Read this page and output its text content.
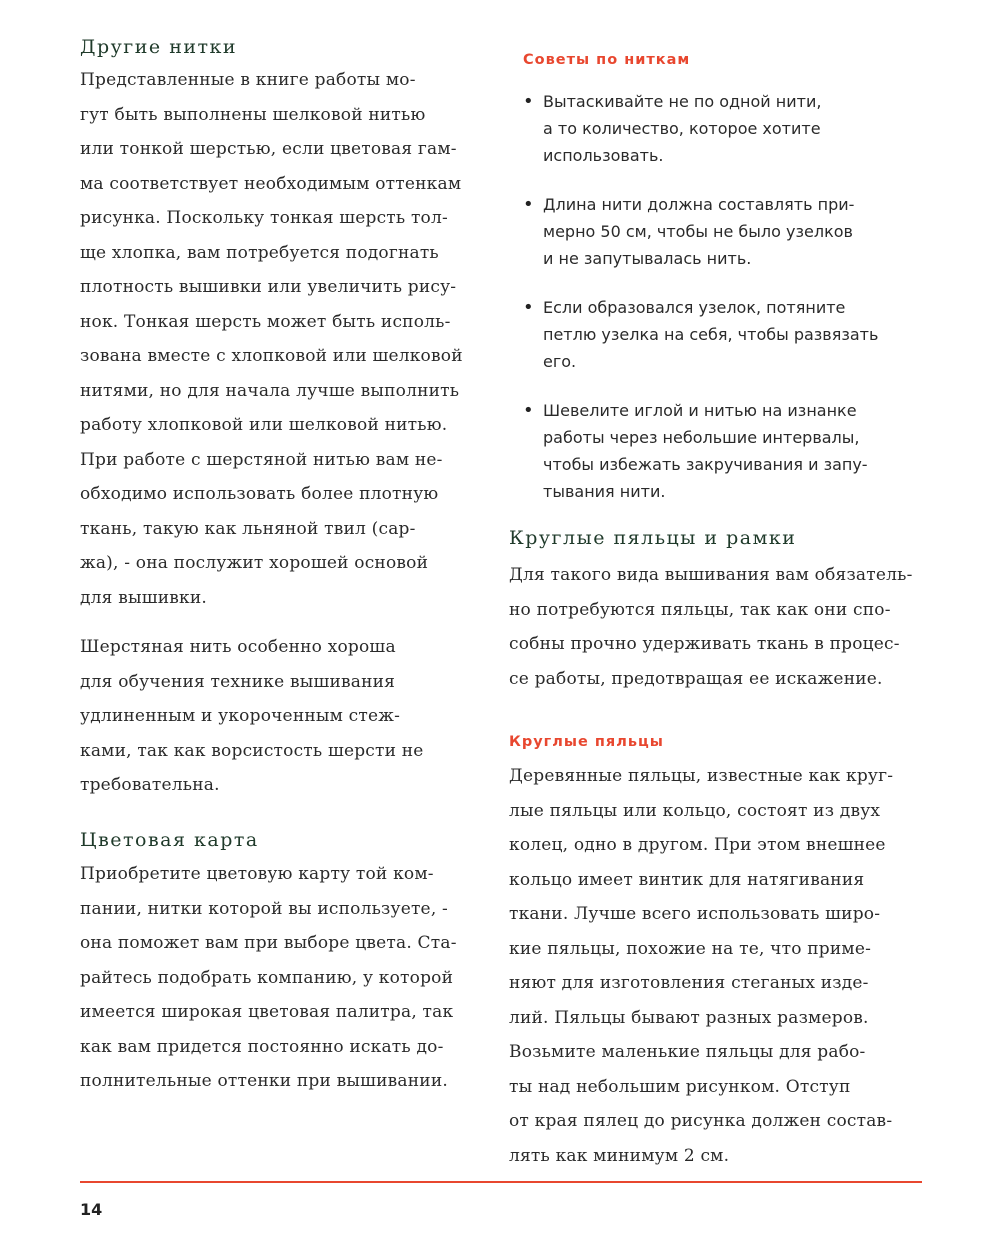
Другие нитки

Представленные в книге работы мо-
гут быть выполнены шелковой нитью
или тонкой шерстью, если цветовая гам-
ма соответствует необходимым оттенкам
рисунка. Поскольку тонкая шерсть тол-
ще хлопка, вам потребуется подогнать
плотность вышивки или увеличить рису-
нок. Тонкая шерсть может быть исполь-
зована вместе с хлопковой или шелковой
нитями, но для начала лучше выполнить
работу хлопковой или шелковой нитью.
При работе с шерстяной нитью вам не-
обходимо использовать более плотную
ткань, такую как льняной твил (сар-
жа), - она послужит хорошей основой
для вышивки.

Шерстяная нить особенно хороша
для обучения технике вышивания
удлиненным и укороченным стеж-
ками, так как ворсистость шерсти не
требовательна.

Цветовая карта

Приобретите цветовую карту той ком-
пании, нитки которой вы используете, -
она поможет вам при выборе цвета. Ста-
райтесь подобрать компанию, у которой
имеется широкая цветовая палитра, так
как вам придется постоянно искать до-
полнительные оттенки при вышивании.

Советы по ниткам
• Вытаскивайте не по одной нити,
а то количество, которое хотите
использовать.
• Длина нити должна составлять при-
мерно 50 см, чтобы не было узелков
и не запутывалась нить.
• Если образовался узелок, потяните
петлю узелка на себя, чтобы развязать
его.
• Шевелите иглой и нитью на изнанке
работы через небольшие интервалы,
чтобы избежать закручивания и запу-
тывания нити.
Круглые пяльцы и рамки

Для такого вида вышивания вам обязатель-
но потребуются пяльцы, так как они спо-
собны прочно удерживать ткань в процес-
се работы, предотвращая ее искажение.

Круглые пяльцы

Деревянные пяльцы, известные как круг-
лые пяльцы или кольцо, состоят из двух
колец, одно в другом. При этом внешнее
кольцо имеет винтик для натягивания
ткани. Лучше всего использовать широ-
кие пяльцы, похожие на те, что приме-
няют для изготовления стеганых изде-
лий. Пяльцы бывают разных размеров.
Возьмите маленькие пяльцы для рабо-
ты над небольшим рисунком. Отступ
от края пялец до рисунка должен состав-
лять как минимум 2 см.

14
